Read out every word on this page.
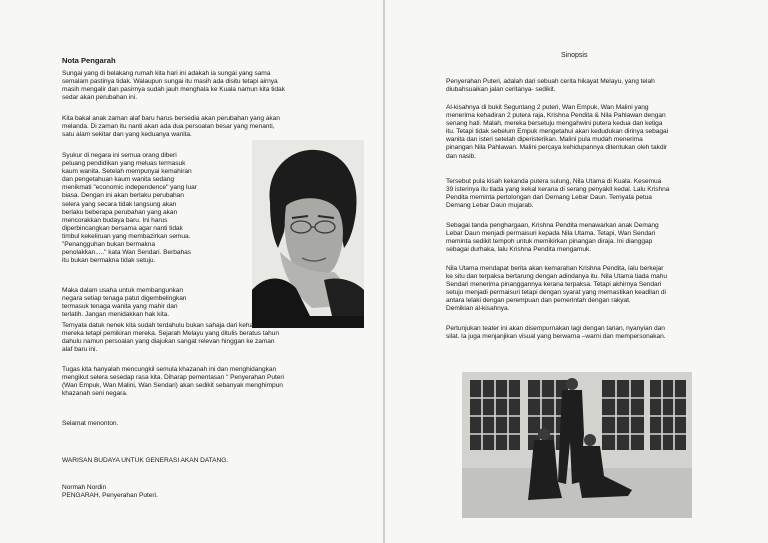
Nota Pengarah

Sungai yang di belakang rumah kita hari ini adakah ia sungai yang sama

semalam pastinya tidak. Walaupun sungai itu masih ada disitu tetapi airnya

masih mengalir dan pasirnya sudah jauh menghala ke Kuala namun kita tidak

sedar akan perubahan ini.

Kita bakal anak zaman alaf baru harus bersedia akan perubahan yang akan

melanda. Di zaman itu nanti akan ada dua persoalan besar yang menanti,

satu alam sekitar dan yang keduanya wanita.

Syukur di negara ini semua orang diberi

peluang pendidikan yang meluas termasuk

kaum wanita. Setelah mempunyai kemahiran

dan pengetahuan kaum wanita sedang

menikmati "economic independence" yang luar

biasa. Dengan ini akan berlaku perubahan

selera yang secara tidak langsung akan

berlaku beberapa perubahan yang akan

mencorakkan budaya baru. Ini harus

diperbincangkan bersama agar nanti tidak

timbul kekeliruan yang membazirkan semua.

"Penangguhan bukan bermakna

penolakkan....." kata Wan Sendari. Berbahas

itu bukan bermakna tidak setuju.

Maka dalam usaha untuk membangunkan

negara setiap tenaga patut digembelingkan

termasuk tenaga wanita yang mahir dan

terlatih. Jangan menidakkan hak kita.

Ternyata datuk nenek kita sudah terdahulu bukan sahaja dari kehadiran

mereka tetapi pemikiran mereka. Sejarah Melayu yang ditulis beratus tahun

dahulu namun persoalan yang diajukan sangat relevan hinggan ke zaman

alaf baru ini.

Tugas kita hanyalah mencungkil semula khazanah ini dan menghidangkan

mengikut selera sesedap rasa kita. Diharap pementasan " Penyerahan Puteri

(Wan Empuk, Wan Malini, Wan Sendari) akan sedikit sebanyak menghimpun

khazanah seni negara.

Selamat menonton.

WARISAN BUDAYA UNTUK GENERASI AKAN DATANG.

Normah Nordin

PENGARAH, Penyerahan Puteri.

Sinopsis

Penyerahan Puteri, adalah dari sebuah cerita hikayat Melayu, yang telah

diubahsuaikan jalan ceritanya- sedikit.

Al-kisahnya di bukit Seguntang 2 puteri, Wan Empuk, Wan Malini yang

menerima kehadiran 2 putera raja, Krishna Pendita & Nila Pahlawan dengan

senang hati. Malah, mereka bersetuju mengahwini putera kedua dan ketiga

itu. Tetapi tidak sebelum Empuk mengetahui akan kedudukan dirinya sebagai

wanita dan isteri setelah diperisterikan. Malini pula mudah menerima

pinangan Nila Pahlawan. Malini percaya kehidupannya ditentukan oleh takdir

dan nasib.

Tersebut pula kisah kekanda putera sulung, Nila Utama di Kuala. Kesemua

39 isterinya itu tiada yang kekal kerana di serang penyakit kedal. Lalu Krishna

Pendita meminta pertolongan dari Demang Lebar Daun. Ternyata petua

Demang Lebar Daun mujarab.

Sebagai tanda penghargaan, Krishna Pendita menawarkan anak Demang

Lebar Daun menjadi permaisuri kepada Nila Utama. Tetapi, Wan Sendari

meminta sedikit tempoh untuk memikirkan pinangan diraja. Ini dianggap

sebagai durhaka, lalu Krishna Pendita mengamuk.

Nila Utama mendapat berita akan kemarahan Krishna Pendita, lalu berkejar

ke situ dan terpaksa bertarung dengan adindanya itu. Nila Utama tiada mahu

Sendari menerima pinanggannya kerana terpaksa. Tetapi akhirnya Sendari

setuju menjadi permaisuri tetapi dengan syarat yang memastikan keadilan di

antara lelaki dengan perempuan dan pemerintah dengan rakyat.

Demikian al-kisahnya.

Pertunjukan teater ini akan disempurnakan lagi dengan tarian, nyanyian dan

silat. Ia juga menjanjikan visual yang berwarna –warni dan mempersonakan.
